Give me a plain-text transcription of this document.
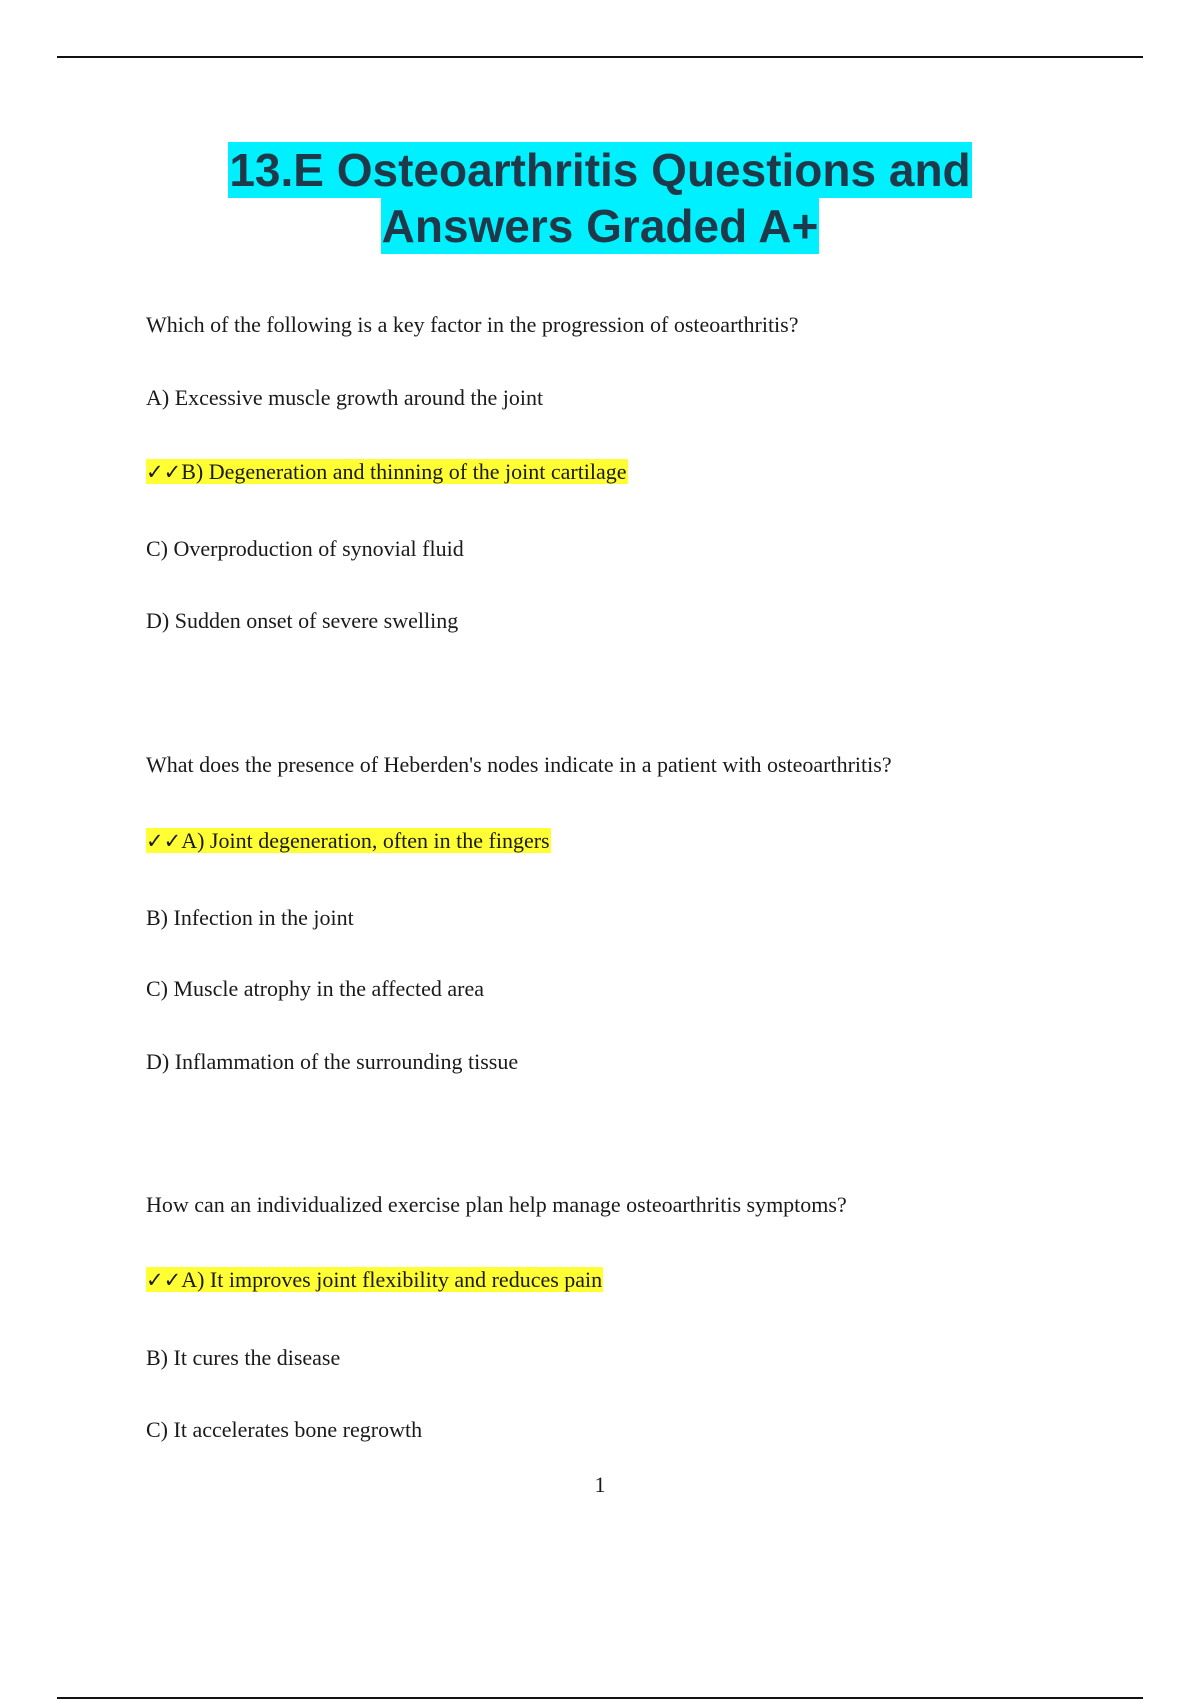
13.E Osteoarthritis Questions and
Answers Graded A+

Which of the following is a key factor in the progression of osteoarthritis?

A) Excessive muscle growth around the joint

✓✓B) Degeneration and thinning of the joint cartilage

C) Overproduction of synovial fluid

D) Sudden onset of severe swelling

What does the presence of Heberden's nodes indicate in a patient with osteoarthritis?

✓✓A) Joint degeneration, often in the fingers

B) Infection in the joint

C) Muscle atrophy in the affected area

D) Inflammation of the surrounding tissue

How can an individualized exercise plan help manage osteoarthritis symptoms?

✓✓A) It improves joint flexibility and reduces pain

B) It cures the disease

C) It accelerates bone regrowth

1
